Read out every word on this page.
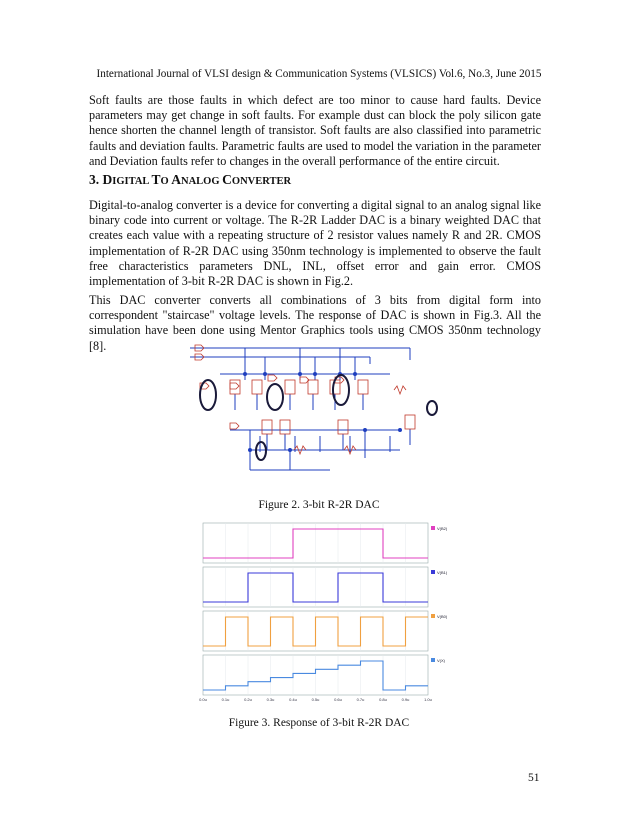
International Journal of VLSI design & Communication Systems (VLSICS) Vol.6, No.3, June 2015
Soft faults are those faults in which defect are too minor to cause hard faults. Device parameters may get change in soft faults. For example dust can block the poly silicon gate hence shorten the channel length of transistor. Soft faults are also classified into parametric faults and deviation faults. Parametric faults are used to model the variation in the parameter and Deviation faults refer to changes in the overall performance of the entire circuit.
3. DIGITAL TO ANALOG CONVERTER
Digital-to-analog converter is a device for converting a digital signal to an analog signal like binary code into current or voltage. The R-2R Ladder DAC is a binary weighted DAC that creates each value with a repeating structure of 2 resistor values namely R and 2R. CMOS implementation of R-2R DAC using 350nm technology is implemented to observe the fault free characteristics parameters DNL, INL, offset error and gain error. CMOS implementation of 3-bit R-2R DAC is shown in Fig.2.
This DAC converter converts all combinations of 3 bits from digital form into correspondent "staircase" voltage levels. The response of DAC is shown in Fig.3. All the simulation have been done using Mentor Graphics tools using CMOS 350nm technology [8].
Figure 2. 3-bit R-2R DAC
V(B2)
V(B1)
V(B0)
V(X)
0.0u	0.1u	0.2u	0.3u	0.4u	0.5u	0.6u	0.7u	0.8u	0.9u	1.0u
Figure 3. Response of 3-bit R-2R DAC
51
